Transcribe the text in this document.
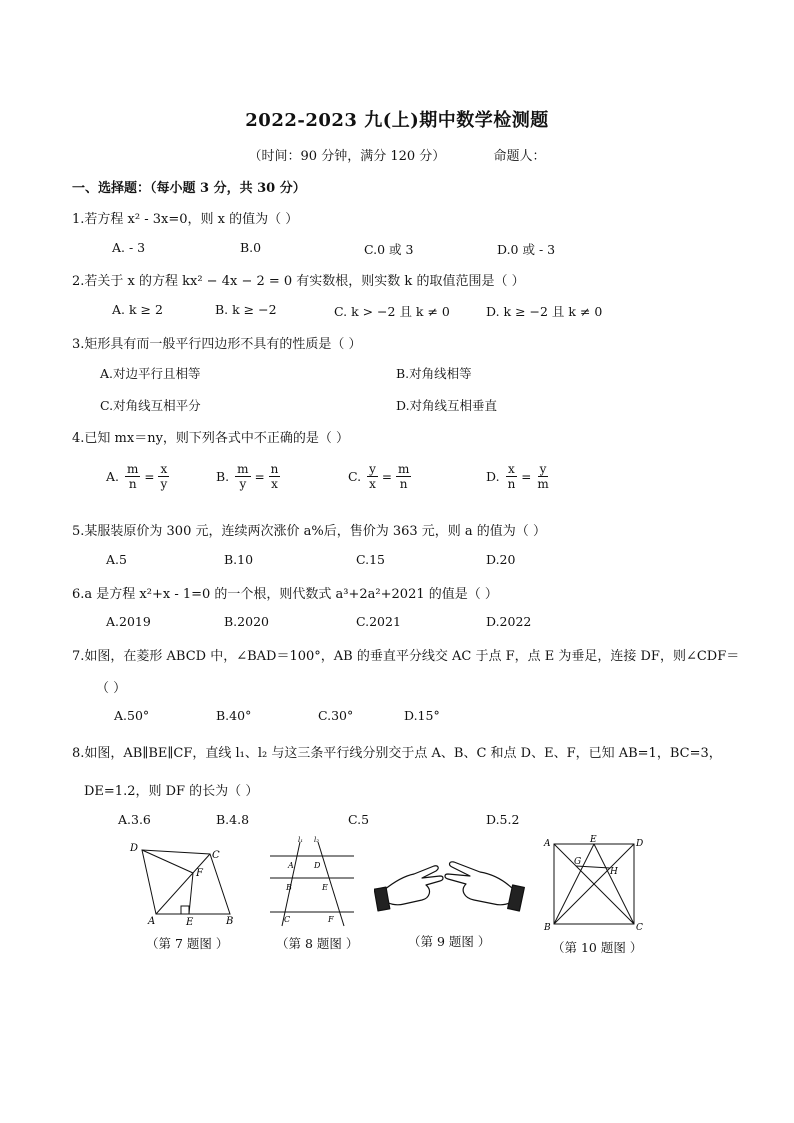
2022-2023 九(上)期中数学检测题
（时间：90 分钟，满分 120 分）	命题人：
一、选择题：（每小题 3 分，共 30 分）
1.若方程 x² - 3x=0，则 x 的值为（ ）
A. - 3	B.0	C.0 或 3	D.0 或 - 3
2.若关于 x 的方程 kx² − 4x − 2 = 0 有实数根，则实数 k 的取值范围是（ ）
A. k ≥ 2	B. k ≥ −2	C. k > −2 且 k ≠ 0	D. k ≥ −2 且 k ≠ 0
3.矩形具有而一般平行四边形不具有的性质是（ ）
A.对边平行且相等	B.对角线相等
C.对角线互相平分	D.对角线互相垂直
4.已知 mx＝ny，则下列各式中不正确的是（ ）
A. $\frac{m}{n} = \frac{x}{y}$	B. $\frac{m}{y} = \frac{n}{x}$	C. $\frac{y}{x} = \frac{m}{n}$	D. $\frac{x}{n} = \frac{y}{m}$
5.某服装原价为 300 元，连续两次涨价 a%后，售价为 363 元，则 a 的值为（ ）
A.5	B.10	C.15	D.20
6.a 是方程 x²+x - 1=0 的一个根，则代数式 a³+2a²+2021 的值是（ ）
A.2019	B.2020	C.2021	D.2022
7.如图，在菱形 ABCD 中，∠BAD＝100°，AB 的垂直平分线交 AC 于点 F，点 E 为垂足，连接 DF，则∠CDF＝
（ ）
A.50°	B.40°	C.30°	D.15°
8.如图，AB∥BE∥CF，直线 l₁、l₂ 与这三条平行线分别交于点 A、B、C 和点 D、E、F，已知 AB=1，BC=3，
DE=1.2，则 DF 的长为（ ）
A.3.6	B.4.8	C.5	D.5.2
D
C
F
A	E	B
（第 7 题图 ）
l₁ l₂
A	D
B	E
C	F
（第 8 题图 ）	（第 9 题图 ）
A	E	D
G
H
B	C
（第 10 题图 ）
